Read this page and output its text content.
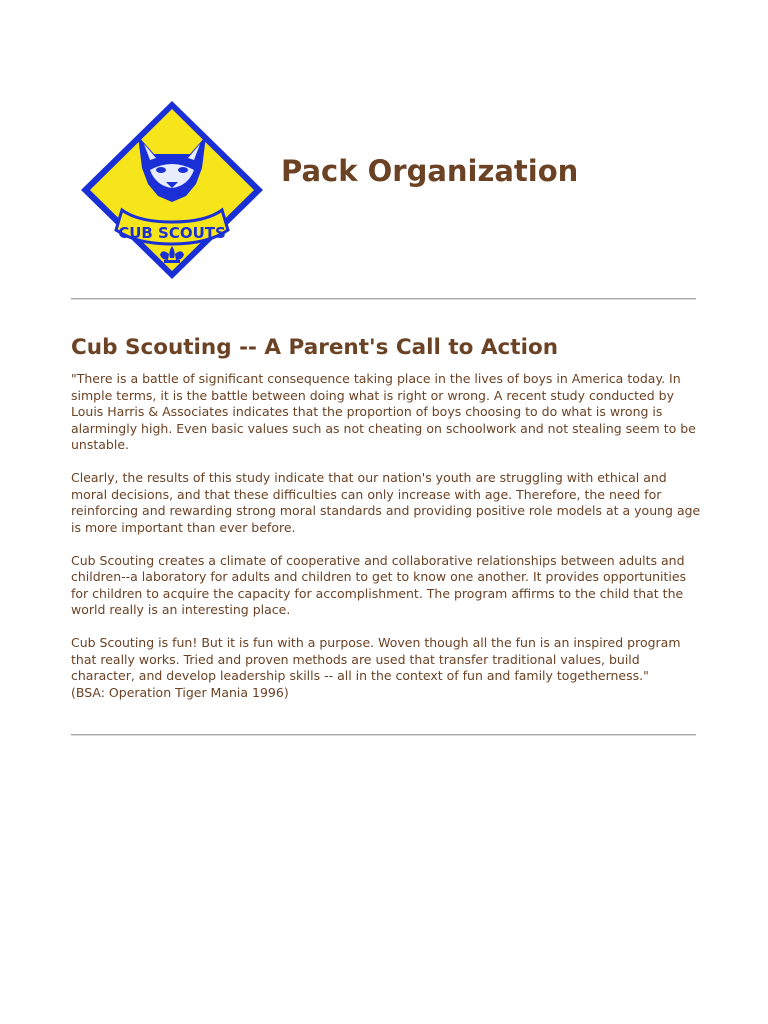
CUB SCOUTS
Pack Organization
Cub Scouting -- A Parent's Call to Action

"There is a battle of significant consequence taking place in the lives of boys in America today. In simple terms, it is the battle between doing what is right or wrong. A recent study conducted by Louis Harris & Associates indicates that the proportion of boys choosing to do what is wrong is alarmingly high. Even basic values such as not cheating on schoolwork and not stealing seem to be unstable.

Clearly, the results of this study indicate that our nation's youth are struggling with ethical and moral decisions, and that these difficulties can only increase with age. Therefore, the need for reinforcing and rewarding strong moral standards and providing positive role models at a young age is more important than ever before.

Cub Scouting creates a climate of cooperative and collaborative relationships between adults and children--a laboratory for adults and children to get to know one another. It provides opportunities for children to acquire the capacity for accomplishment. The program affirms to the child that the world really is an interesting place.

Cub Scouting is fun! But it is fun with a purpose. Woven though all the fun is an inspired program that really works. Tried and proven methods are used that transfer traditional values, build character, and develop leadership skills -- all in the context of fun and family togetherness."
(BSA: Operation Tiger Mania 1996)
